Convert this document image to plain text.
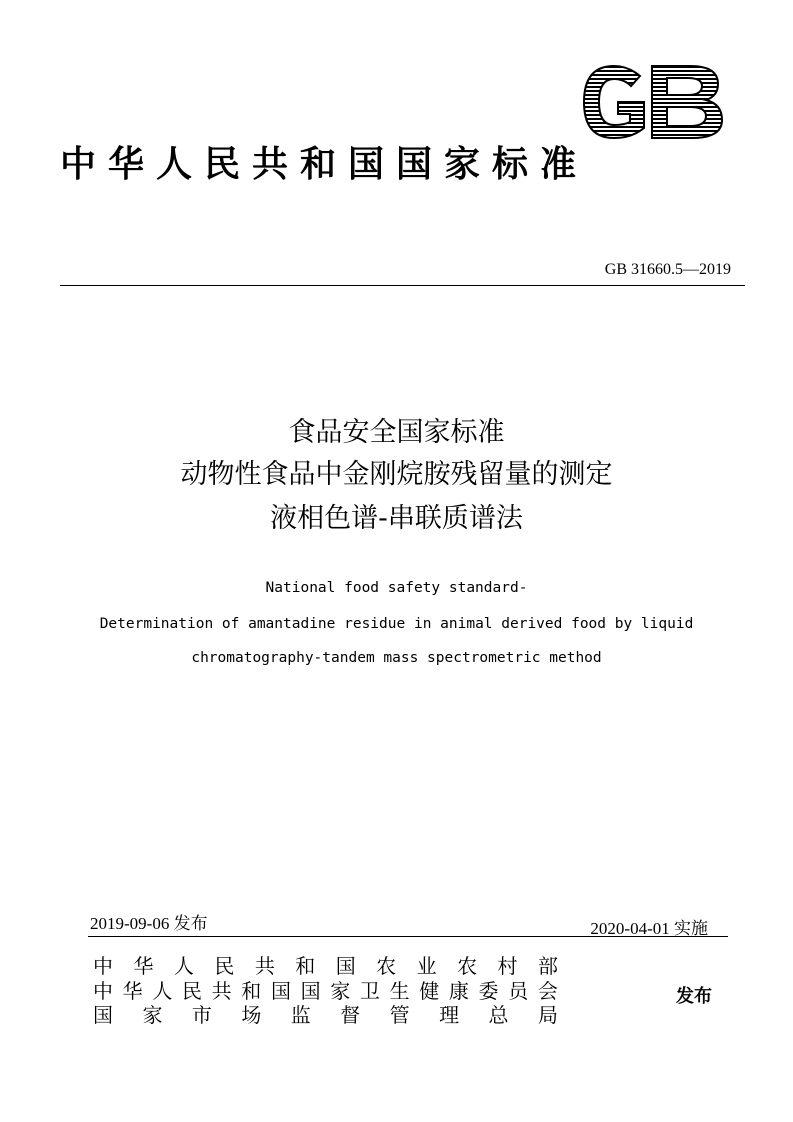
中华人民共和国国家标准
GB 31660.5—2019
食品安全国家标准
动物性食品中金刚烷胺残留量的测定
液相色谱-串联质谱法
National food safety standard-
Determination of amantadine residue in animal derived food by liquid
chromatography-tandem mass spectrometric method
2019-09-06 发布	2020-04-01 实施
中 华 人 民 共 和 国 农 业 农 村 部
中 华 人 民 共 和 国 国 家 卫 生 健 康 委 员 会
国 家 市 场 监 督 管 理 总 局
发布
